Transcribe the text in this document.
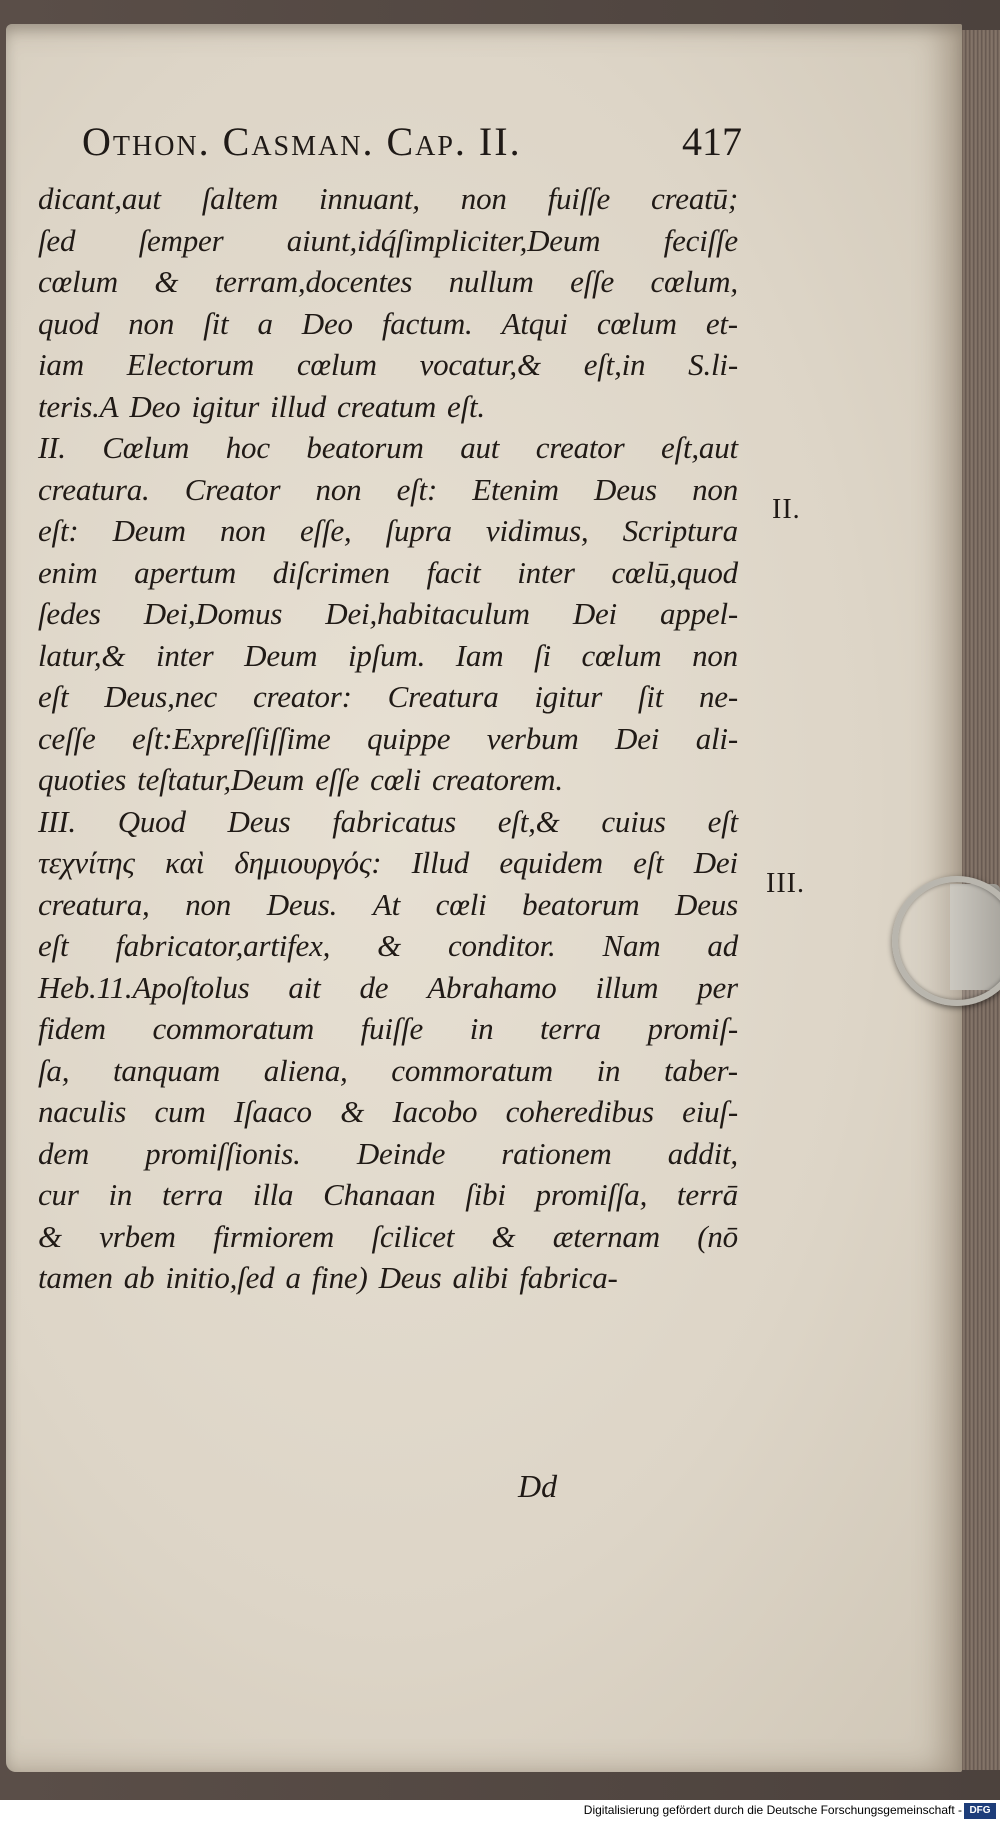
Othon. Casman. Cap. II.	417
dicant,aut ſaltem innuant, non fuiſſe creatū;
ſed ſemper aiunt,idq́ſimpliciter,Deum feciſſe
cœlum & terram,docentes nullum eſſe cœlum,
quod non ſit a Deo factum. Atqui cœlum et-
iam Electorum cœlum vocatur,& eſt,in S.li-
teris.A Deo igitur illud creatum eſt.
II. Cœlum hoc beatorum aut creator eſt,aut
creatura. Creator non eſt: Etenim Deus non
eſt: Deum non eſſe, ſupra vidimus, Scriptura
enim apertum diſcrimen facit inter cœlū,quod
ſedes Dei,Domus Dei,habitaculum Dei appel-
latur,& inter Deum ipſum. Iam ſi cœlum non
eſt Deus,nec creator: Creatura igitur ſit ne-
ceſſe eſt:Expreſſiſſime quippe verbum Dei ali-
quoties teſtatur,Deum eſſe cœli creatorem.
III. Quod Deus fabricatus eſt,& cuius eſt
τεχνίτης καὶ δημιουργός: Illud equidem eſt Dei
creatura, non Deus. At cœli beatorum Deus
eſt fabricator,artifex, & conditor. Nam ad
Heb.11.Apoſtolus ait de Abrahamo illum per
fidem commoratum fuiſſe in terra promiſ-
ſa, tanquam aliena, commoratum in taber-
naculis cum Iſaaco & Iacobo coheredibus eiuſ-
dem promiſſionis. Deinde rationem addit,
cur in terra illa Chanaan ſibi promiſſa, terrā
& vrbem firmiorem ſcilicet & æternam (nō
tamen ab initio,ſed a fine) Deus alibi fabrica-
Dd
II.
III.
Digitalisierung gefördert durch die Deutsche Forschungsgemeinschaft - DFG
